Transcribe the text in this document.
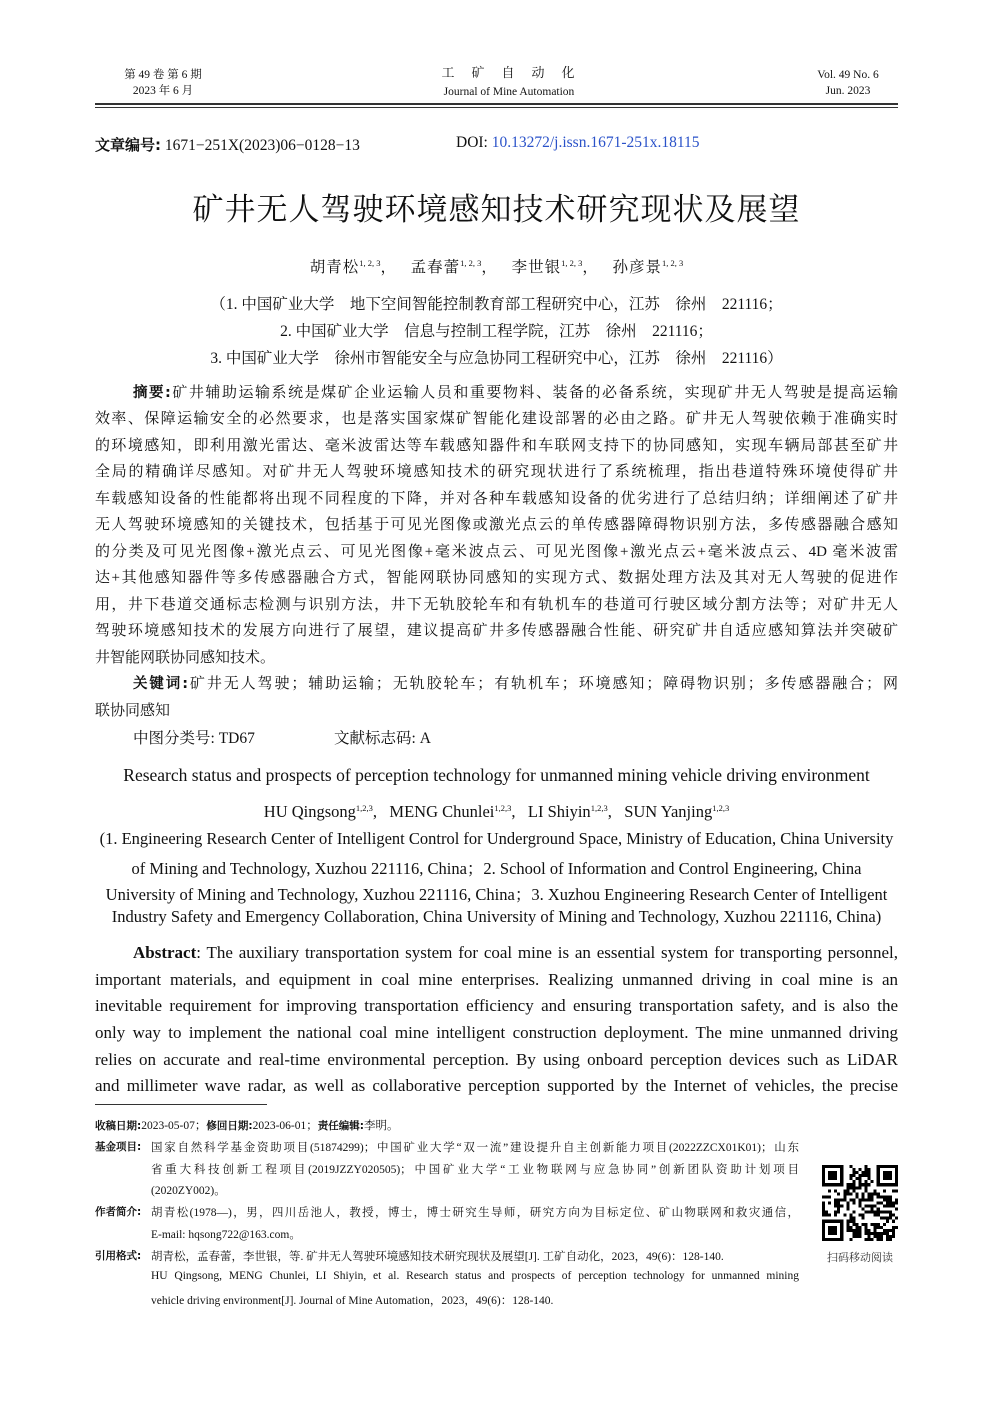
第 49 卷 第 6 期
2023 年 6 月
工　矿　自　动　化
Journal of Mine Automation
Vol. 49 No. 6
Jun. 2023
文章编号: 1671−251X(2023)06−0128−13	DOI: 10.13272/j.issn.1671-251x.18115
矿井无人驾驶环境感知技术研究现状及展望
胡青松$^{1, 2, 3}$，　 孟春蕾$^{1, 2, 3}$，　 李世银$^{1, 2, 3}$，　 孙彦景$^{1, 2, 3}$
（1. 中国矿业大学　地下空间智能控制教育部工程研究中心，江苏　徐州　221116；
2. 中国矿业大学　信息与控制工程学院，江苏　徐州　221116；
3. 中国矿业大学　徐州市智能安全与应急协同工程研究中心，江苏　徐州　221116）
摘要:矿井辅助运输系统是煤矿企业运输人员和重要物料、装备的必备系统，实现矿井无人驾驶是提高运输
效率、保障运输安全的必然要求，也是落实国家煤矿智能化建设部署的必由之路。矿井无人驾驶依赖于准确实时
的环境感知，即利用激光雷达、毫米波雷达等车载感知器件和车联网支持下的协同感知，实现车辆局部甚至矿井
全局的精确详尽感知。对矿井无人驾驶环境感知技术的研究现状进行了系统梳理，指出巷道特殊环境使得矿井
车载感知设备的性能都将出现不同程度的下降，并对各种车载感知设备的优劣进行了总结归纳；详细阐述了矿井
无人驾驶环境感知的关键技术，包括基于可见光图像或激光点云的单传感器障碍物识别方法，多传感器融合感知
的分类及可见光图像+激光点云、可见光图像+毫米波点云、可见光图像+激光点云+毫米波点云、4D 毫米波雷
达+其他感知器件等多传感器融合方式，智能网联协同感知的实现方式、数据处理方法及其对无人驾驶的促进作
用，井下巷道交通标志检测与识别方法，井下无轨胶轮车和有轨机车的巷道可行驶区域分割方法等；对矿井无人
驾驶环境感知技术的发展方向进行了展望，建议提高矿井多传感器融合性能、研究矿井自适应感知算法并突破矿
井智能网联协同感知技术。
关键词:矿井无人驾驶；辅助运输；无轨胶轮车；有轨机车；环境感知；障碍物识别；多传感器融合；网
联协同感知
中图分类号: TD67	文献标志码: A
Research status and prospects of perception technology for unmanned mining vehicle driving environment
HU Qingsong$^{1,2,3}$,   MENG Chunlei$^{1,2,3}$,   LI Shiyin$^{1,2,3}$,   SUN Yanjing$^{1,2,3}$
(1. Engineering Research Center of Intelligent Control for Underground Space, Ministry of Education, China University
of Mining and Technology, Xuzhou 221116, China；2. School of Information and Control Engineering, China
University of Mining and Technology, Xuzhou 221116, China；3. Xuzhou Engineering Research Center of Intelligent
Industry Safety and Emergency Collaboration, China University of Mining and Technology, Xuzhou 221116, China)
Abstract: The auxiliary transportation system for coal mine is an essential system for transporting personnel,
important materials, and equipment in coal mine enterprises. Realizing unmanned driving in coal mine is an
inevitable requirement for improving transportation efficiency and ensuring transportation safety, and is also the
only way to implement the national coal mine intelligent construction deployment. The mine unmanned driving
relies on accurate and real-time environmental perception. By using onboard perception devices such as LiDAR
and millimeter wave radar, as well as collaborative perception supported by the Internet of vehicles, the precise
收稿日期:2023-05-07；修回日期:2023-06-01；责任编辑:李明。
基金项目: 国家自然科学基金资助项目(51874299)；中国矿业大学“双一流”建设提升自主创新能力项目(2022ZZCX01K01)；山东
省重大科技创新工程项目(2019JZZY020505)；中国矿业大学“工业物联网与应急协同”创新团队资助计划项目
(2020ZY002)。
作者简介: 胡青松(1978—)，男，四川岳池人，教授，博士，博士研究生导师，研究方向为目标定位、矿山物联网和救灾通信，
E-mail: hqsong722@163.com。
引用格式: 胡青松，孟春蕾，李世银，等. 矿井无人驾驶环境感知技术研究现状及展望[J]. 工矿自动化，2023，49(6)：128-140.
HU Qingsong, MENG Chunlei, LI Shiyin, et al. Research status and prospects of perception technology for unmanned mining
vehicle driving environment[J]. Journal of Mine Automation，2023，49(6)：128-140.
扫码移动阅读
